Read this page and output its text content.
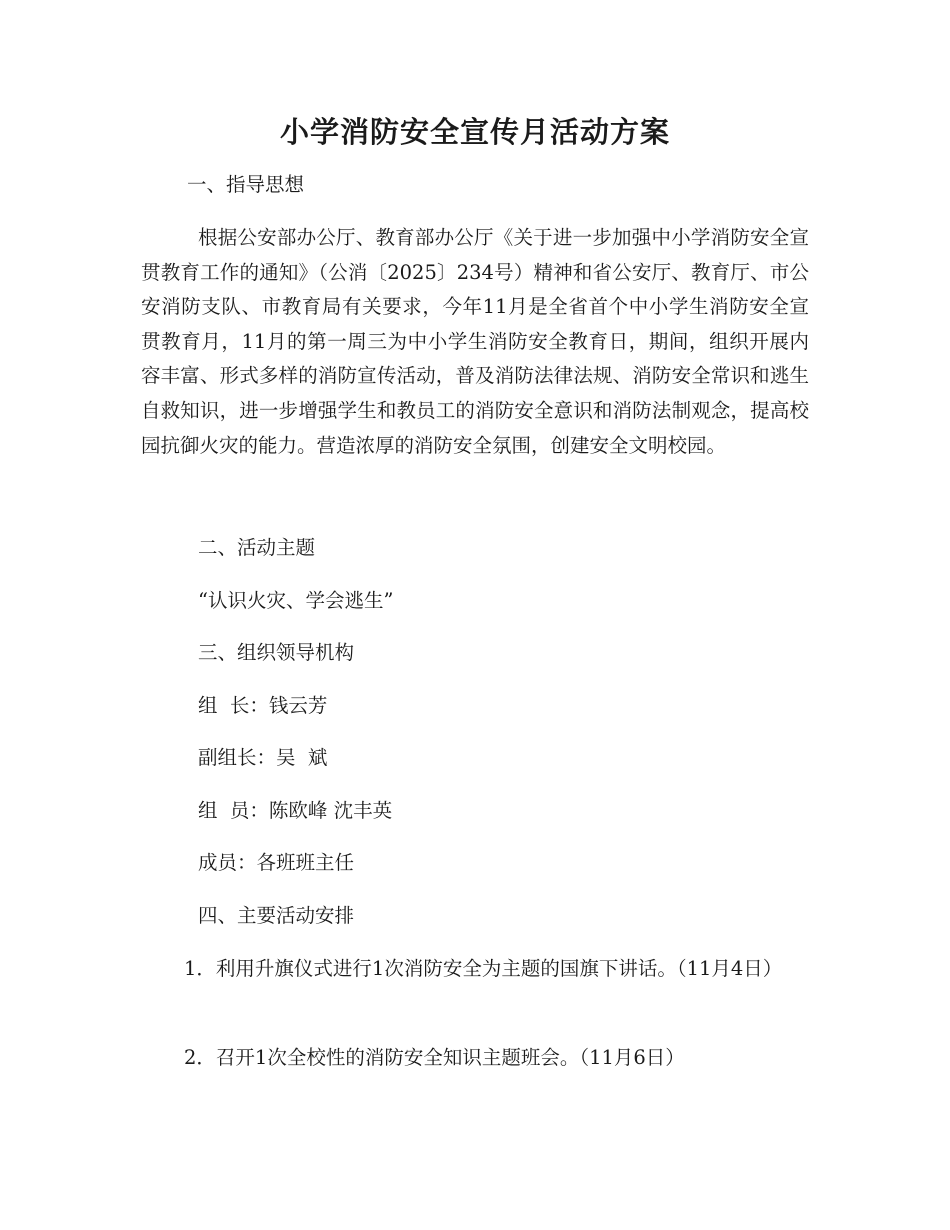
小学消防安全宣传月活动方案
一、指导思想
根据公安部办公厅、教育部办公厅《关于进一步加强中小学消防安全宣贯教育工作的通知》（公消〔2025〕234号）精神和省公安厅、教育厅、市公安消防支队、市教育局有关要求，今年11月是全省首个中小学生消防安全宣贯教育月，11月的第一周三为中小学生消防安全教育日，期间，组织开展内容丰富、形式多样的消防宣传活动，普及消防法律法规、消防安全常识和逃生自救知识，进一步增强学生和教员工的消防安全意识和消防法制观念，提高校园抗御火灾的能力。营造浓厚的消防安全氛围，创建安全文明校园。
二、活动主题
“认识火灾、学会逃生”
三、组织领导机构
组  长：钱云芳
副组长：吴  斌
组  员：陈欧峰 沈丰英
成员：各班班主任
四、主要活动安排
1．利用升旗仪式进行1次消防安全为主题的国旗下讲话。（11月4日）
2．召开1次全校性的消防安全知识主题班会。（11月6日）
